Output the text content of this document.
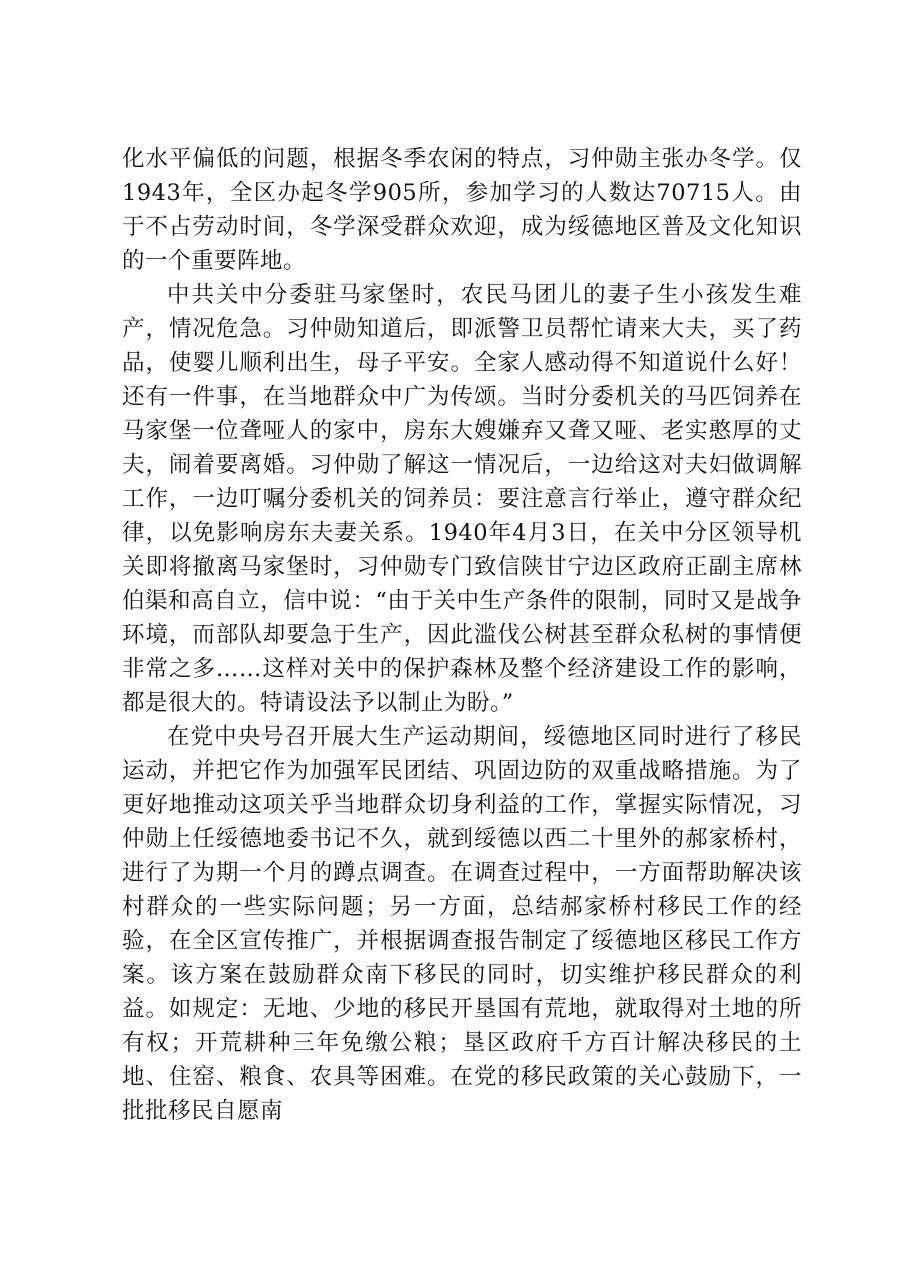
化水平偏低的问题，根据冬季农闲的特点，习仲勋主张办冬学。仅1943年，全区办起冬学905所，参加学习的人数达70715人。由于不占劳动时间，冬学深受群众欢迎，成为绥德地区普及文化知识的一个重要阵地。

中共关中分委驻马家堡时，农民马团儿的妻子生小孩发生难产，情况危急。习仲勋知道后，即派警卫员帮忙请来大夫，买了药品，使婴儿顺利出生，母子平安。全家人感动得不知道说什么好！还有一件事，在当地群众中广为传颂。当时分委机关的马匹饲养在马家堡一位聋哑人的家中，房东大嫂嫌弃又聋又哑、老实憨厚的丈夫，闹着要离婚。习仲勋了解这一情况后，一边给这对夫妇做调解工作，一边叮嘱分委机关的饲养员：要注意言行举止，遵守群众纪律，以免影响房东夫妻关系。1940年4月3日，在关中分区领导机关即将撤离马家堡时，习仲勋专门致信陕甘宁边区政府正副主席林伯渠和高自立，信中说：“由于关中生产条件的限制，同时又是战争环境，而部队却要急于生产，因此滥伐公树甚至群众私树的事情便非常之多……这样对关中的保护森林及整个经济建设工作的影响，都是很大的。特请设法予以制止为盼。”

在党中央号召开展大生产运动期间，绥德地区同时进行了移民运动，并把它作为加强军民团结、巩固边防的双重战略措施。为了更好地推动这项关乎当地群众切身利益的工作，掌握实际情况，习仲勋上任绥德地委书记不久，就到绥德以西二十里外的郝家桥村，进行了为期一个月的蹲点调查。在调查过程中，一方面帮助解决该村群众的一些实际问题；另一方面，总结郝家桥村移民工作的经验，在全区宣传推广，并根据调查报告制定了绥德地区移民工作方案。该方案在鼓励群众南下移民的同时，切实维护移民群众的利益。如规定：无地、少地的移民开垦国有荒地，就取得对土地的所有权；开荒耕种三年免缴公粮；垦区政府千方百计解决移民的土地、住窑、粮食、农具等困难。在党的移民政策的关心鼓励下，一批批移民自愿南
